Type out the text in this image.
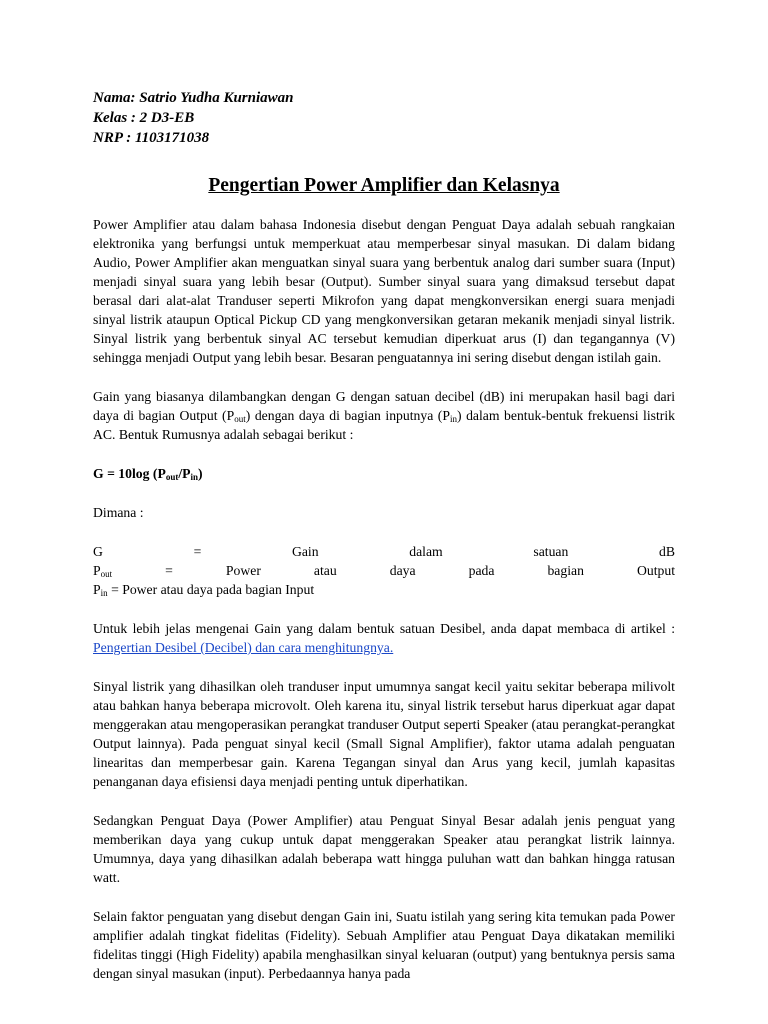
Nama: Satrio Yudha Kurniawan
Kelas : 2 D3-EB
NRP : 1103171038
Pengertian Power Amplifier dan Kelasnya

Power Amplifier atau dalam bahasa Indonesia disebut dengan Penguat Daya adalah sebuah rangkaian elektronika yang berfungsi untuk memperkuat atau memperbesar sinyal masukan. Di dalam bidang Audio, Power Amplifier akan menguatkan sinyal suara yang berbentuk analog dari sumber suara (Input) menjadi sinyal suara yang lebih besar (Output). Sumber sinyal suara yang dimaksud tersebut dapat berasal dari alat-alat Tranduser seperti Mikrofon yang dapat mengkonversikan energi suara menjadi sinyal listrik ataupun Optical Pickup CD yang mengkonversikan getaran mekanik menjadi sinyal listrik. Sinyal listrik yang berbentuk sinyal AC tersebut kemudian diperkuat arus (I) dan tegangannya (V) sehingga menjadi Output yang lebih besar. Besaran penguatannya ini sering disebut dengan istilah gain.

Gain yang biasanya dilambangkan dengan G dengan satuan decibel (dB) ini merupakan hasil bagi dari daya di bagian Output $(P_{out})$ dengan daya di bagian inputnya $(P_{in})$ dalam bentuk-bentuk frekuensi listrik AC. Bentuk Rumusnya adalah sebagai berikut :

G = 10log $(P_{out}/P_{in})$

Dimana :

G	=	Gain	dalam	satuan	dB
$P_{out}$	=	Power	atau	daya	pada	bagian	Output

$P_{in}$ = Power atau daya pada bagian Input

Untuk lebih jelas mengenai Gain yang dalam bentuk satuan Desibel, anda dapat membaca di artikel : Pengertian Desibel (Decibel) dan cara menghitungnya.

Sinyal listrik yang dihasilkan oleh tranduser input umumnya sangat kecil yaitu sekitar beberapa milivolt atau bahkan hanya beberapa microvolt. Oleh karena itu, sinyal listrik tersebut harus diperkuat agar dapat menggerakan atau mengoperasikan perangkat tranduser Output seperti Speaker (atau perangkat-perangkat Output lainnya). Pada penguat sinyal kecil (Small Signal Amplifier), faktor utama adalah penguatan linearitas dan memperbesar gain. Karena Tegangan sinyal dan Arus yang kecil, jumlah kapasitas penanganan daya efisiensi daya menjadi penting untuk diperhatikan.

Sedangkan Penguat Daya (Power Amplifier) atau Penguat Sinyal Besar adalah jenis penguat yang memberikan daya yang cukup untuk dapat menggerakan Speaker atau perangkat listrik lainnya. Umumnya, daya yang dihasilkan adalah beberapa watt hingga puluhan watt dan bahkan hingga ratusan watt.

Selain faktor penguatan yang disebut dengan Gain ini, Suatu istilah yang sering kita temukan pada Power amplifier adalah tingkat fidelitas (Fidelity). Sebuah Amplifier atau Penguat Daya dikatakan memiliki fidelitas tinggi (High Fidelity) apabila menghasilkan sinyal keluaran (output) yang bentuknya persis sama dengan sinyal masukan (input). Perbedaannya hanya pada
